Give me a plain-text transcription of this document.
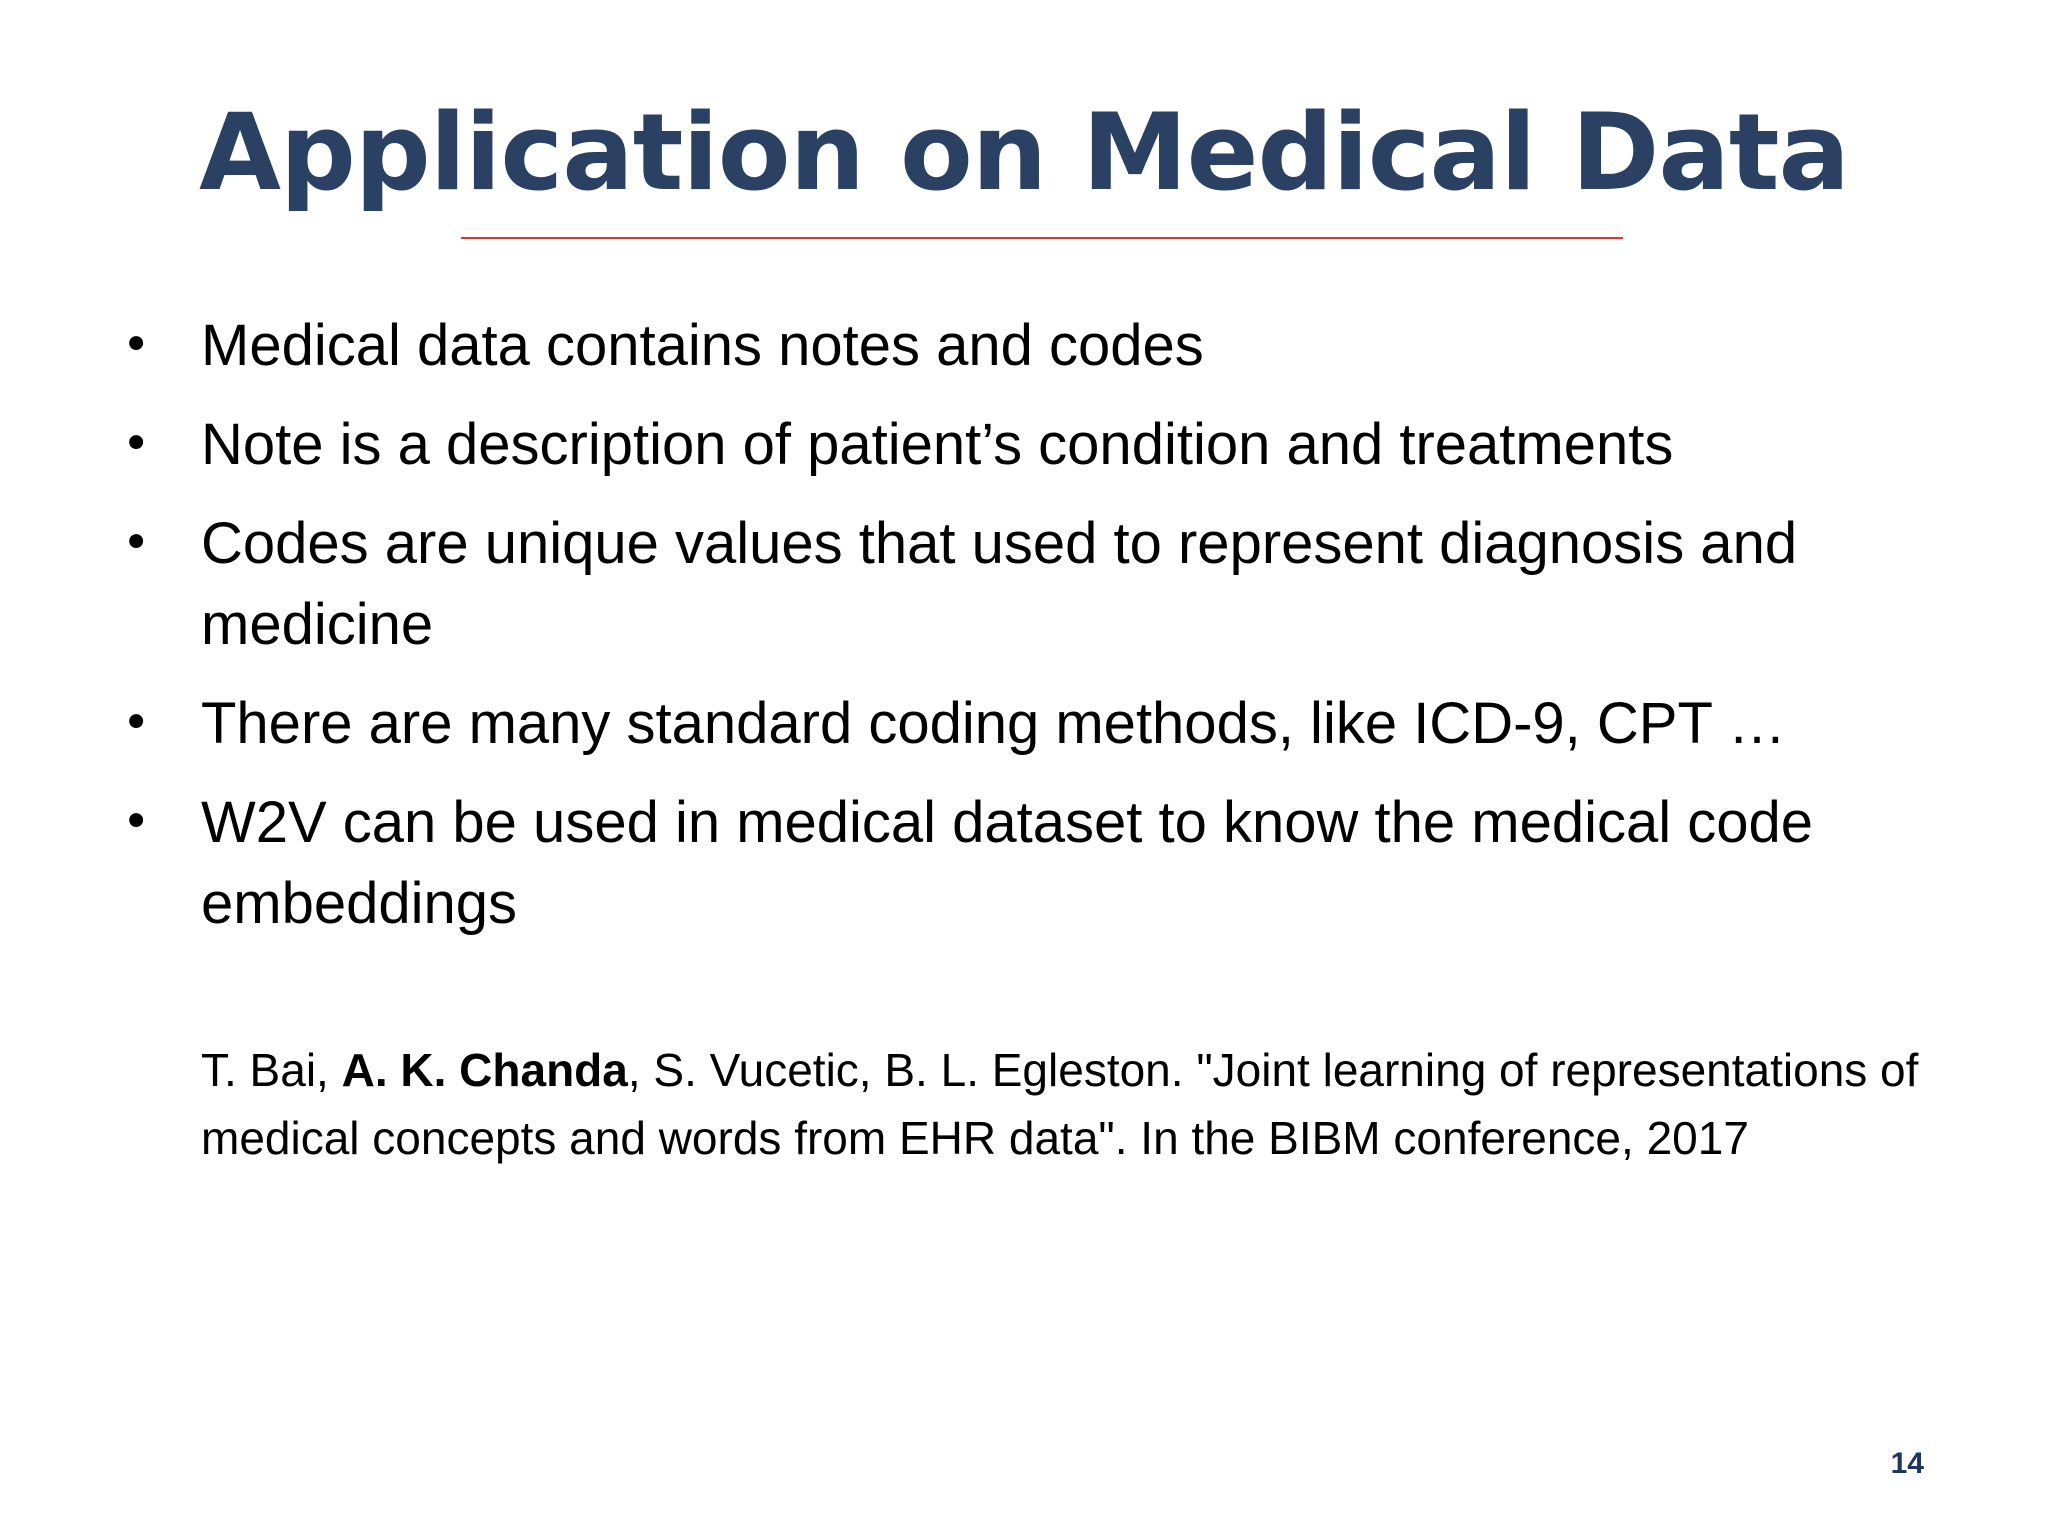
Application on Medical Data
• Medical data contains notes and codes
• Note is a description of patient’s condition and treatments
• Codes are unique values that used to represent diagnosis and medicine
• There are many standard coding methods, like ICD-9, CPT …
• W2V can be used in medical dataset to know the medical code embeddings

T. Bai, A. K. Chanda, S. Vucetic, B. L. Egleston. "Joint learning of representations of medical concepts and words from EHR data". In the BIBM conference, 2017

14
